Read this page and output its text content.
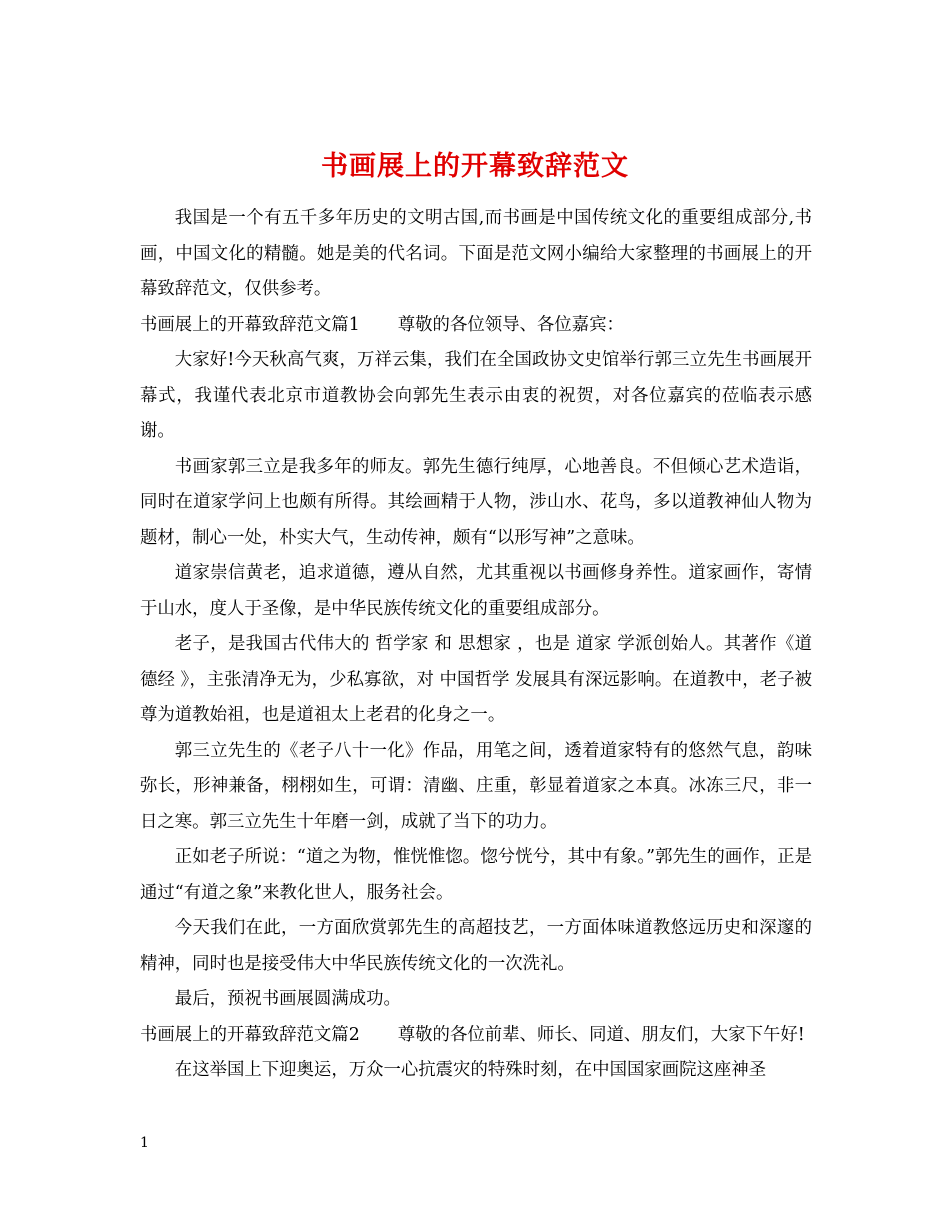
书画展上的开幕致辞范文

我国是一个有五千多年历史的文明古国,而书画是中国传统文化的重要组成部分,书画，中国文化的精髓。她是美的代名词。下面是范文网小编给大家整理的书画展上的开幕致辞范文，仅供参考。

书画展上的开幕致辞范文篇1 尊敬的各位领导、各位嘉宾：

大家好!今天秋高气爽，万祥云集，我们在全国政协文史馆举行郭三立先生书画展开幕式，我谨代表北京市道教协会向郭先生表示由衷的祝贺，对各位嘉宾的莅临表示感谢。

书画家郭三立是我多年的师友。郭先生德行纯厚，心地善良。不但倾心艺术造诣，同时在道家学问上也颇有所得。其绘画精于人物，涉山水、花鸟，多以道教神仙人物为题材，制心一处，朴实大气，生动传神，颇有“以形写神”之意味。

道家崇信黄老，追求道德，遵从自然，尤其重视以书画修身养性。道家画作，寄情于山水，度人于圣像，是中华民族传统文化的重要组成部分。

老子，是我国古代伟大的 哲学家 和 思想家 ，也是 道家 学派创始人。其著作《道德经 》，主张清净无为，少私寡欲，对 中国哲学 发展具有深远影响。在道教中，老子被尊为道教始祖，也是道祖太上老君的化身之一。

郭三立先生的《老子八十一化》作品，用笔之间，透着道家特有的悠然气息，韵味弥长，形神兼备，栩栩如生，可谓：清幽、庄重，彰显着道家之本真。冰冻三尺，非一日之寒。郭三立先生十年磨一剑，成就了当下的功力。

正如老子所说：“道之为物，惟恍惟惚。惚兮恍兮，其中有象。”郭先生的画作，正是通过“有道之象”来教化世人，服务社会。

今天我们在此，一方面欣赏郭先生的高超技艺，一方面体味道教悠远历史和深邃的精神，同时也是接受伟大中华民族传统文化的一次洗礼。

最后，预祝书画展圆满成功。

书画展上的开幕致辞范文篇2 尊敬的各位前辈、师长、同道、朋友们，大家下午好!

在这举国上下迎奥运，万众一心抗震灾的特殊时刻，在中国国家画院这座神圣

1
